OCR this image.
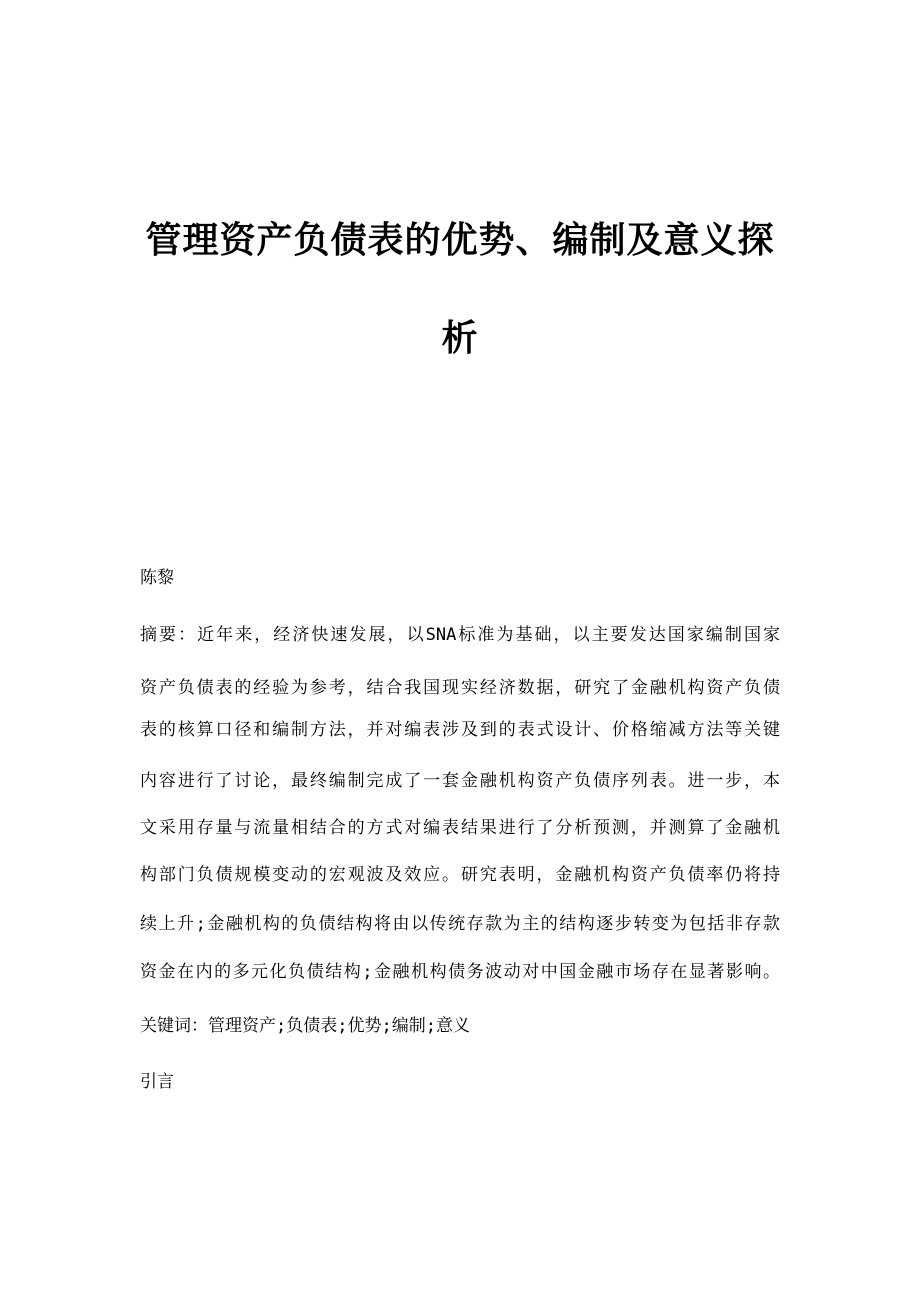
管理资产负债表的优势、编制及意义探
析
陈黎
摘要：近年来，经济快速发展，以SNA标准为基础，以主要发达国家编制国家
资产负债表的经验为参考，结合我国现实经济数据，研究了金融机构资产负债
表的核算口径和编制方法，并对编表涉及到的表式设计、价格缩减方法等关键
内容进行了讨论，最终编制完成了一套金融机构资产负债序列表。进一步，本
文采用存量与流量相结合的方式对编表结果进行了分析预测，并测算了金融机
构部门负债规模变动的宏观波及效应。研究表明，金融机构资产负债率仍将持
续上升;金融机构的负债结构将由以传统存款为主的结构逐步转变为包括非存款
资金在内的多元化负债结构;金融机构债务波动对中国金融市场存在显著影响。
关键词：管理资产;负债表;优势;编制;意义
引言
